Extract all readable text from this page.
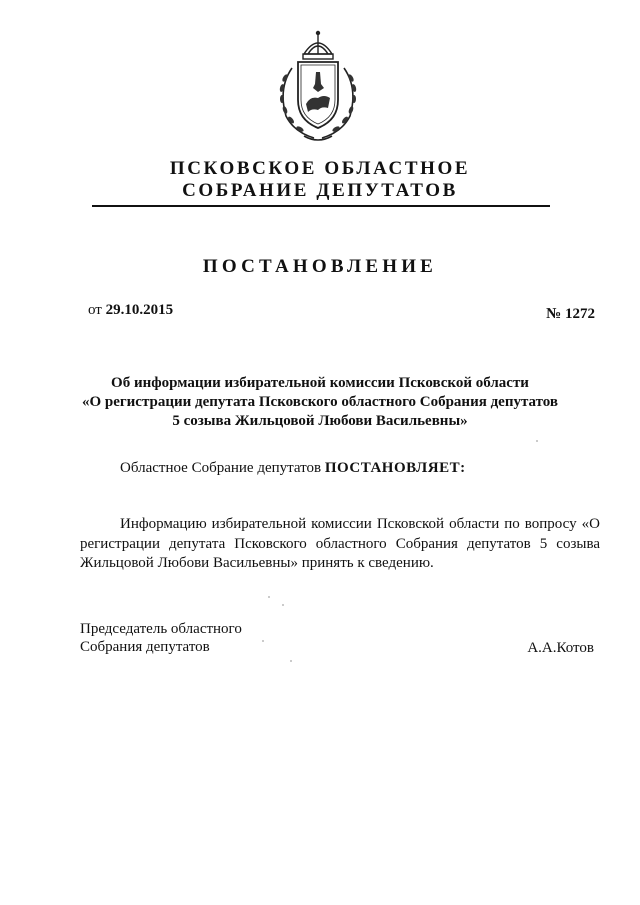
ПСКОВСКОЕ ОБЛАСТНОЕ
СОБРАНИЕ ДЕПУТАТОВ
ПОСТАНОВЛЕНИЕ
от 29.10.2015	№ 1272
Об информации избирательной комиссии Псковской области
«О регистрации депутата Псковского областного Собрания депутатов
5 созыва Жильцовой Любови Васильевны»
Областное Собрание депутатов ПОСТАНОВЛЯЕТ:
Информацию избирательной комиссии Псковской области по вопросу «О регистрации депутата Псковского областного Собрания депутатов 5 созыва Жильцовой Любови Васильевны» принять к сведению.
Председатель областного
Собрания депутатов	А.А.Котов
